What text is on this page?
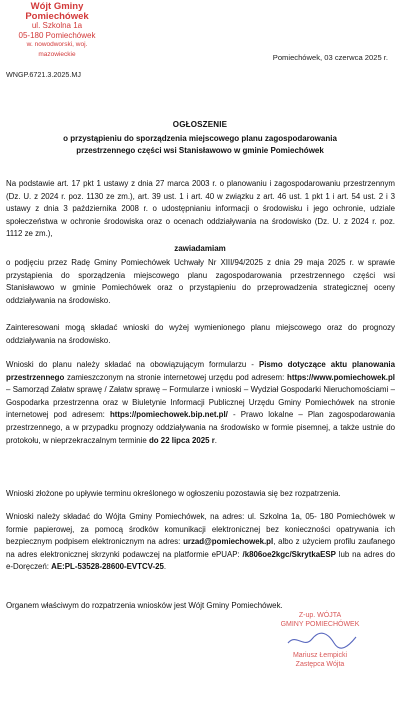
Wójt Gminy Pomiechówek
ul. Szkolna 1a
05-180 Pomiechówek
w. nowodworski, woj. mazowieckie	Pomiechówek, 03 czerwca 2025 r.
WNGP.6721.3.2025.MJ
OGŁOSZENIE
o przystąpieniu do sporządzenia miejscowego planu zagospodarowania przestrzennego części wsi Stanisławowo w gminie Pomiechówek
Na podstawie art. 17 pkt 1 ustawy z dnia 27 marca 2003 r. o planowaniu i zagospodarowaniu przestrzennym (Dz. U. z 2024 r. poz. 1130 ze zm.), art. 39 ust. 1 i art. 40 w związku z art. 46 ust. 1 pkt 1 i art. 54 ust. 2 i 3 ustawy z dnia 3 października 2008 r. o udostępnianiu informacji o środowisku i jego ochronie, udziale społeczeństwa w ochronie środowiska oraz o ocenach oddziaływania na środowisko (Dz. U. z 2024 r. poz. 1112 ze zm.),
zawiadamiam
o podjęciu przez Radę Gminy Pomiechówek Uchwały Nr XIII/94/2025 z dnia 29 maja 2025 r. w sprawie przystąpienia do sporządzenia miejscowego planu zagospodarowania przestrzennego części wsi Stanisławowo w gminie Pomiechówek oraz o przystąpieniu do przeprowadzenia strategicznej oceny oddziaływania na środowisko.
Zainteresowani mogą składać wnioski do wyżej wymienionego planu miejscowego oraz do prognozy oddziaływania na środowisko.
Wnioski do planu należy składać na obowiązującym formularzu - Pismo dotyczące aktu planowania przestrzennego zamieszczonym na stronie internetowej urzędu pod adresem: https://www.pomiechowek.pl – Samorząd Załatw sprawę / Załatw sprawę – Formularze i wnioski – Wydział Gospodarki Nieruchomościami – Gospodarka przestrzenna oraz w Biuletynie Informacji Publicznej Urzędu Gminy Pomiechówek na stronie internetowej pod adresem: https://pomiechowek.bip.net.pl/ - Prawo lokalne – Plan zagospodarowania przestrzennego, a w przypadku prognozy oddziaływania na środowisko w formie pisemnej, a także ustnie do protokołu, w nieprzekraczalnym terminie do 22 lipca 2025 r.
Wnioski złożone po upływie terminu określonego w ogłoszeniu pozostawia się bez rozpatrzenia.
Wnioski należy składać do Wójta Gminy Pomiechówek, na adres: ul. Szkolna 1a, 05- 180 Pomiechówek w formie papierowej, za pomocą środków komunikacji elektronicznej bez konieczności opatrywania ich bezpiecznym podpisem elektronicznym na adres: urzad@pomiechowek.pl, albo z użyciem profilu zaufanego na adres elektronicznej skrzynki podawczej na platformie ePUAP: /k806oe2kgc/SkrytkaESP lub na adres do e-Doręczeń: AE:PL-53528-28600-EVTCV-25.
Organem właściwym do rozpatrzenia wniosków jest Wójt Gminy Pomiechówek.
Z-up. WÓJTA
GMINY POMIECHÓWEK
Mariusz Łempicki
Zastępca Wójta
